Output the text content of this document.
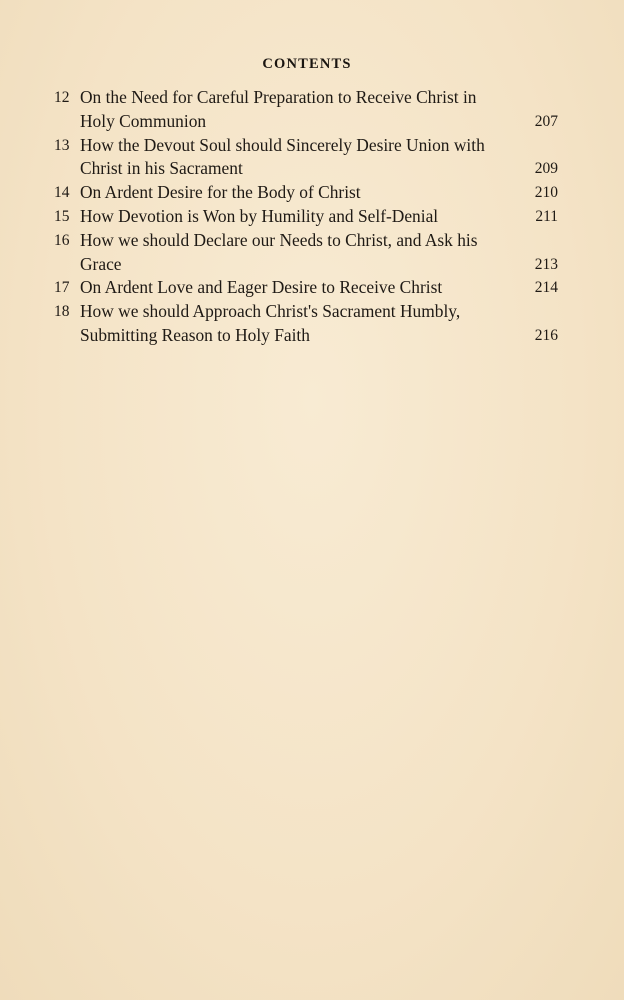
CONTENTS
12 On the Need for Careful Preparation to Receive Christ in
Holy Communion	207
13 How the Devout Soul should Sincerely Desire Union with
Christ in his Sacrament	209
14 On Ardent Desire for the Body of Christ	210
15 How Devotion is Won by Humility and Self-Denial	211
16 How we should Declare our Needs to Christ, and Ask his
Grace	213
17 On Ardent Love and Eager Desire to Receive Christ	214
18 How we should Approach Christ's Sacrament Humbly,
Submitting Reason to Holy Faith	216
